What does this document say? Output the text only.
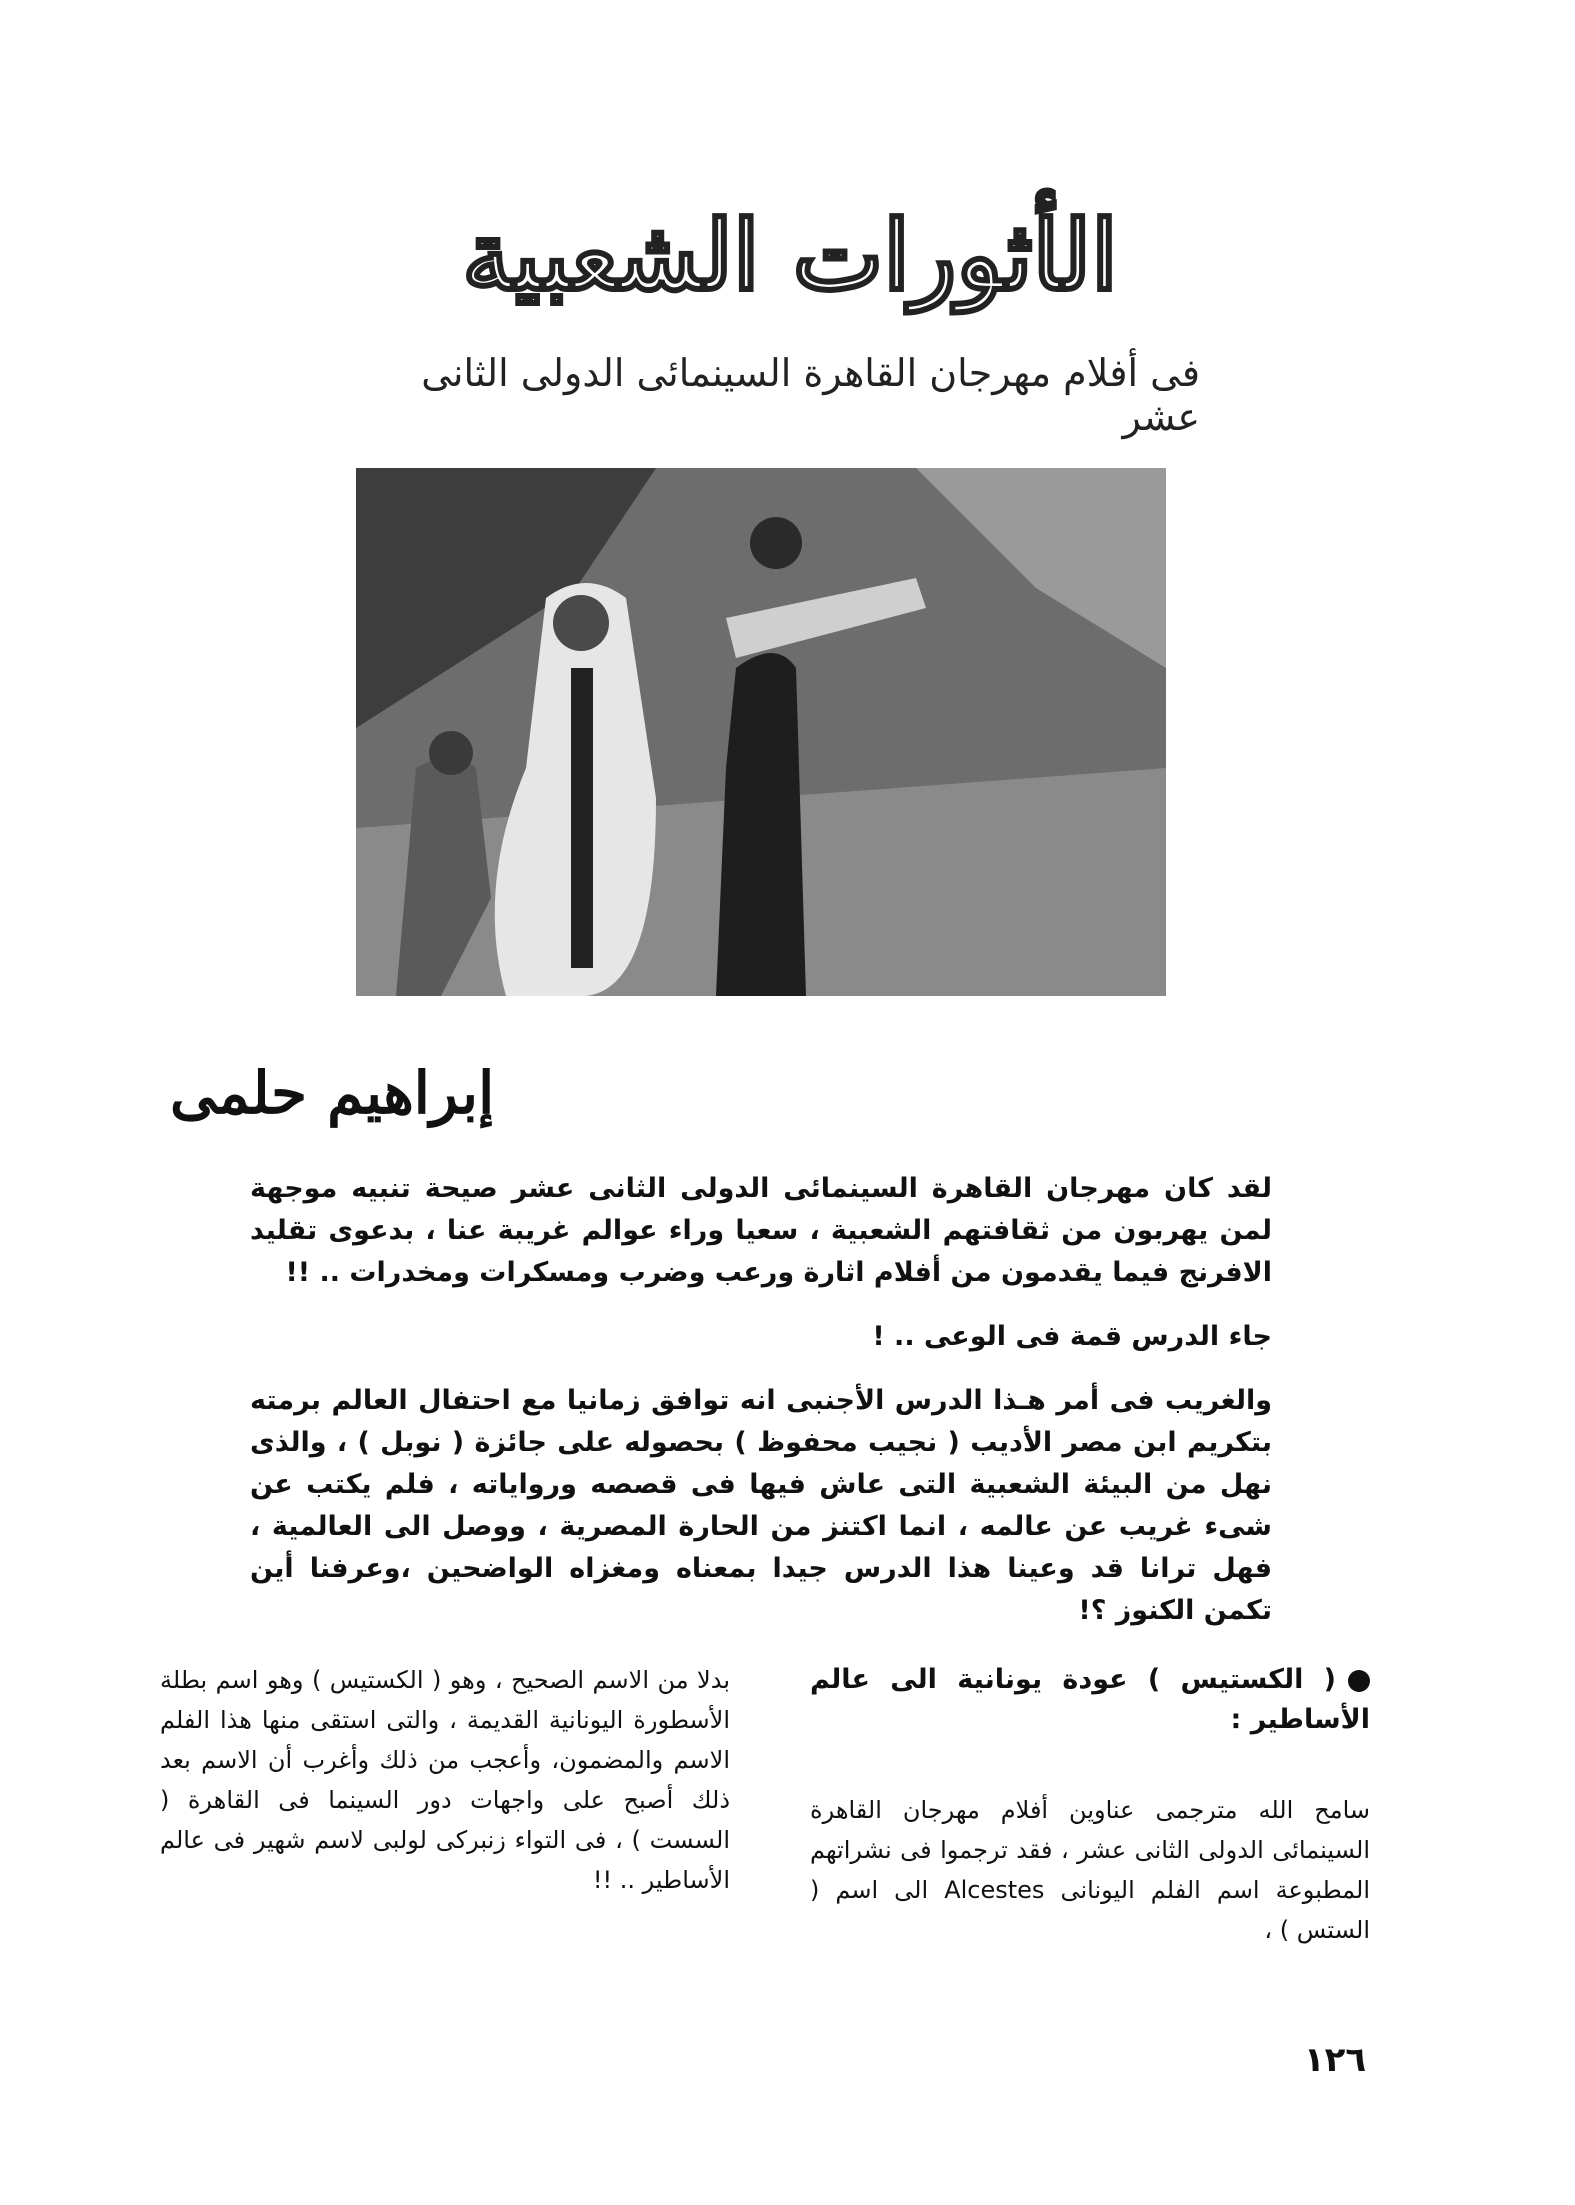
الأثورات الشعبية
فى أفلام مهرجان القاهرة السينمائى الدولى الثانى عشر
إبراهيم حلمى

لقد كان مهرجان القاهرة السينمائى الدولى الثانى عشر صيحة تنبيه موجهة لمن يهربون من ثقافتهم الشعبية ، سعيا وراء عوالم غريبة عنا ، بدعوى تقليد الافرنج فيما يقدمون من أفلام اثارة ورعب وضرب ومسكرات ومخدرات .. !!

جاء الدرس قمة فى الوعى .. !

والغريب فى أمر هـذا الدرس الأجنبى انه توافق زمانيا مع احتفال العالم برمته بتكريم ابن مصر الأديب ( نجيب محفوظ ) بحصوله على جائزة ( نوبل ) ، والذى نهل من البيئة الشعبية التى عاش فيها فى قصصه ورواياته ، فلم يكتب عن شىء غريب عن عالمه ، انما اكتنز من الحارة المصرية ، ووصل الى العالمية ، فهل ترانا قد وعينا هذا الدرس جيدا بمعناه ومغزاه الواضحين ،وعرفنا أين تكمن الكنوز ؟!

( الكستيس ) عودة يونانية الى عالم الأساطير :

سامح الله مترجمى عناوين أفلام مهرجان القاهرة السينمائى الدولى الثانى عشر ، فقد ترجموا فى نشراتهم المطبوعة اسم الفلم اليونانى Alcestes الى اسم ( الستس ) ،

بدلا من الاسم الصحيح ، وهو ( الكستيس ) وهو اسم بطلة الأسطورة اليونانية القديمة ، والتى استقى منها هذا الفلم الاسم والمضمون، وأعجب من ذلك وأغرب أن الاسم بعد ذلك أصبح على واجهات دور السينما فى القاهرة ( السست ) ، فى التواء زنبركى لولبى لاسم شهير فى عالم الأساطير .. !!

١٢٦
